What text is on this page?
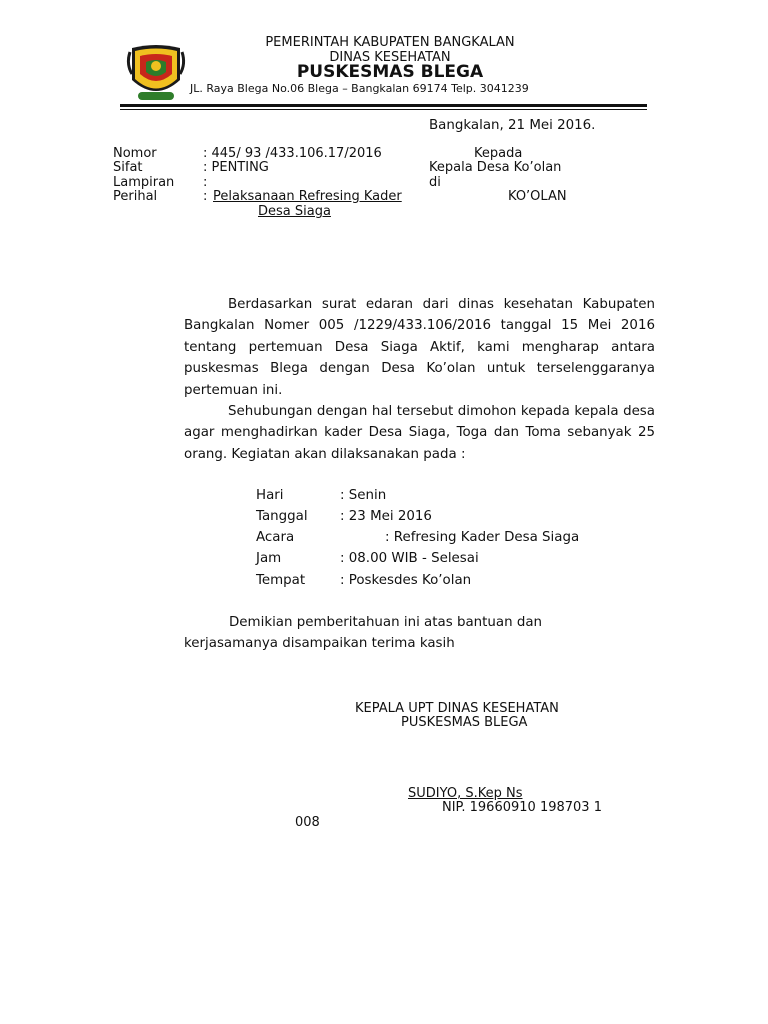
PEMERINTAH KABUPATEN BANGKALAN
DINAS KESEHATAN
PUSKESMAS BLEGA
JL. Raya Blega No.06 Blega – Bangkalan 69174 Telp. 3041239
Bangkalan, 21 Mei 2016.
Nomor	: 445/ 93 /433.106.17/2016
Sifat	: PENTING
Lampiran :
Perihal	: Pelaksanaan Refresing Kader
Desa Siaga
Kepada
Kepala Desa Ko’olan
di
KO’OLAN
Berdasarkan surat edaran dari dinas kesehatan Kabupaten Bangkalan Nomer 005 /1229/433.106/2016 tanggal 15 Mei 2016 tentang pertemuan Desa Siaga Aktif, kami mengharap antara puskesmas Blega dengan Desa Ko’olan untuk terselenggaranya pertemuan ini.
Sehubungan dengan hal tersebut dimohon kepada kepala desa agar menghadirkan kader Desa Siaga, Toga dan Toma sebanyak 25 orang. Kegiatan akan dilaksanakan pada :
Hari	: Senin
Tanggal : 23 Mei 2016
Acara	: Refresing Kader Desa Siaga
Jam	: 08.00 WIB - Selesai
Tempat	: Poskesdes Ko’olan
Demikian pemberitahuan ini atas bantuan dan
kerjasamanya disampaikan terima kasih
KEPALA UPT DINAS KESEHATAN
PUSKESMAS BLEGA
SUDIYO, S.Kep Ns
NIP. 19660910 198703 1
008
